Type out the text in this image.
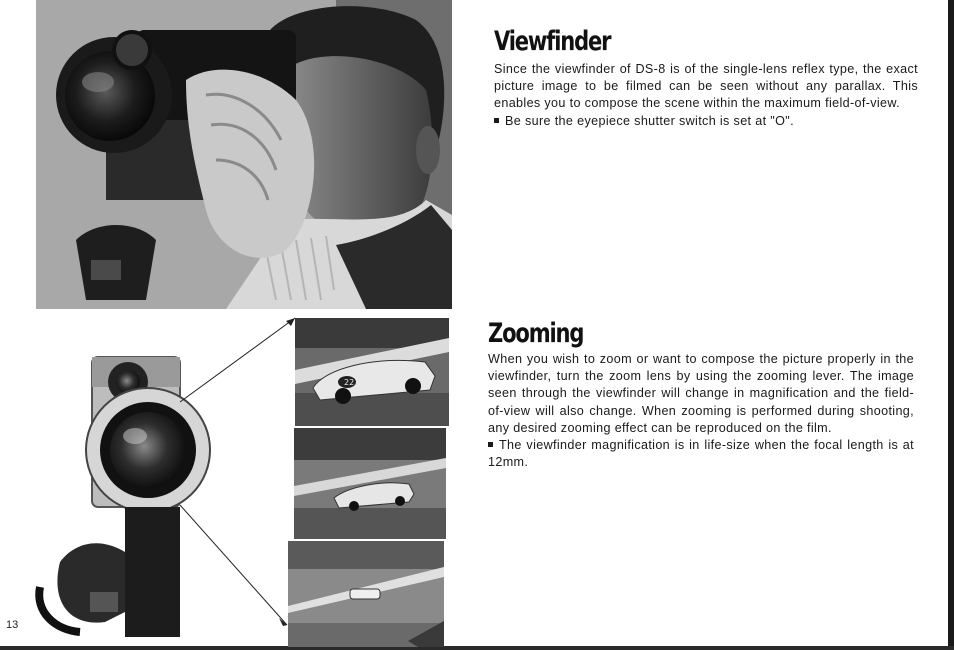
22
Viewfinder

Since the viewfinder of DS-8 is of the single-lens reflex type, the exact picture image to be filmed can be seen without any parallax. This enables you to compose the scene within the maximum field-of-view.

Be sure the eyepiece shutter switch is set at "O".

Zooming

When you wish to zoom or want to compose the picture properly in the viewfinder, turn the zoom lens by using the zooming lever. The image seen through the viewfinder will change in magnification and the field-of-view will also change. When zooming is performed during shooting, any desired zooming effect can be reproduced on the film.

The viewfinder magnification is in life-size when the focal length is at 12mm.

13
